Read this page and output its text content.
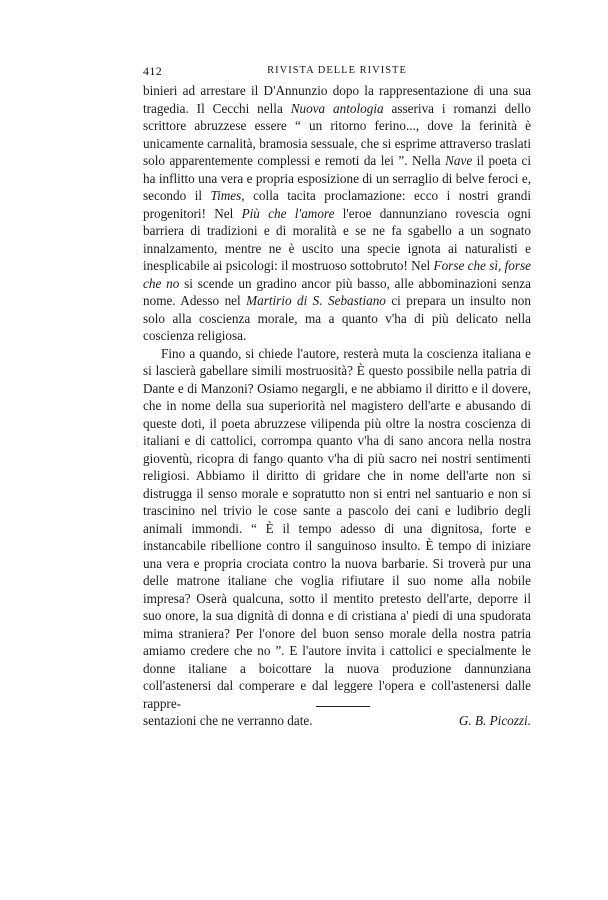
412	RIVISTA DELLE RIVISTE

binieri ad arrestare il D'Annunzio dopo la rappresentazione di una sua tragedia. Il Cecchi nella Nuova antologia asseriva i romanzi dello scrittore abruzzese essere “ un ritorno ferino..., dove la ferinità è unicamente carnalità, bramosia sessuale, che si esprime attraverso traslati solo apparentemente complessi e remoti da lei ”. Nella Nave il poeta ci ha inflitto una vera e propria esposizione di un serraglio di belve feroci e, secondo il Times, colla tacita proclamazione: ecco i nostri grandi progenitori! Nel Più che l'amore l'eroe dannunziano rovescia ogni barriera di tradizioni e di moralità e se ne fa sgabello a un sognato innalzamento, mentre ne è uscito una specie ignota ai naturalisti e inesplicabile ai psicologi: il mostruoso sottobruto! Nel Forse che sì, forse che no si scende un gradino ancor più basso, alle abbominazioni senza nome. Adesso nel Martirio di S. Sebastiano ci prepara un insulto non solo alla coscienza morale, ma a quanto v'ha di più delicato nella coscienza religiosa.

Fino a quando, si chiede l'autore, resterà muta la coscienza italiana e si lascierà gabellare simili mostruosità? È questo possibile nella patria di Dante e di Manzoni? Osiamo negargli, e ne abbiamo il diritto e il dovere, che in nome della sua superiorità nel magistero dell'arte e abusando di queste doti, il poeta abruzzese vilipenda più oltre la nostra coscienza di italiani e di cattolici, corrompa quanto v'ha di sano ancora nella nostra gioventù, ricopra di fango quanto v'ha di più sacro nei nostri sentimenti religiosi. Abbiamo il diritto di gridare che in nome dell'arte non si distrugga il senso morale e sopratutto non si entri nel santuario e non si trascinino nel trivio le cose sante a pascolo dei cani e ludibrio degli animali immondi. “ È il tempo adesso di una dignitosa, forte e instancabile ribellione contro il sanguinoso insulto. È tempo di iniziare una vera e propria crociata contro la nuova barbarie. Si troverà pur una delle matrone italiane che voglia rifiutare il suo nome alla nobile impresa? Oserà qualcuna, sotto il mentito pretesto dell'arte, deporre il suo onore, la sua dignità di donna e di cristiana a' piedi di una spudorata mima straniera? Per l'onore del buon senso morale della nostra patria amiamo credere che no ”. E l'autore invita i cattolici e specialmente le donne italiane a boicottare la nuova produzione dannunziana coll'astenersi dal comperare e dal leggere l'opera e coll'astenersi dalle rappre-

sentazioni che ne verranno date.	G. B. Picozzi.
